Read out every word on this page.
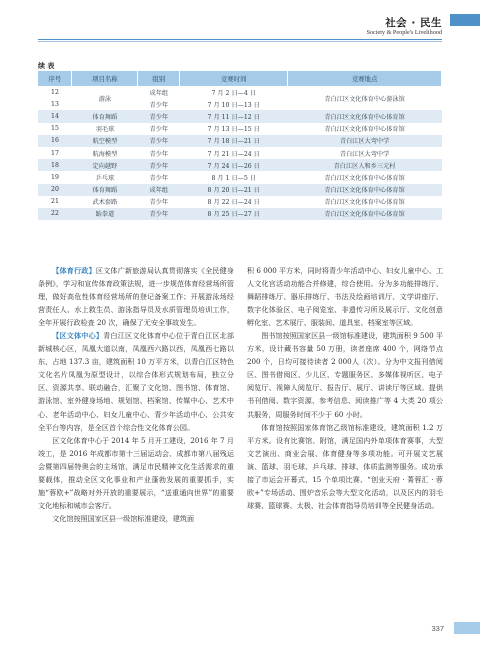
社会 · 民生
Society & People's Livelihood
续 表
序号	项目名称	组别	竞赛时间	竞赛地点
12	游泳	成年组	7 月 2 日—4 日	青白江区文化体育中心游泳馆
13		青少年	7 月 10 日—13 日	
14	体育舞蹈	青少年	7 月 11 日—12 日	青白江区文化体育中心体育馆
15	羽毛球	青少年	7 月 13 日—15 日	青白江区文化体育中心体育馆
16	航空模型	青少年	7 月 18 日—21 日	青白江区大弯中学
17	航海模型	青少年	7 月 21 日—24 日	青白江区大弯中学
18	定向越野	青少年	7 月 24 日—26 日	青白江区人和乡三元村
19	乒乓球	青少年	8 月 1 日—5 日	青白江区文化体育中心体育馆
20	体育舞蹈	成年组	8 月 20 日—21 日	青白江区文化体育中心体育馆
21	武术套路	青少年	8 月 22 日—24 日	青白江区文化体育中心体育馆
22	跆拳道	青少年	8 月 25 日—27 日	青白江区文化体育中心体育馆

【体育行政】区文体广新旅游局认真贯彻落实《全民健身条例》，学习和宣传体育政策法规，进一步规范体育经营场所管理，做好高危性体育经营场所的登记备案工作；开展游泳场经营责任人、水上救生员、游泳指导员及水质管理员培训工作，全年开展行政检查 20 次，确保了无安全事故发生。

【区文体中心】青白江区文化体育中心位于青白江区北部新城核心区，凤凰大道以南，凤凰西六路以西，凤凰西七路以东，占地 137.3 亩，建筑面积 10 万平方米，以青白江区特色文化名片凤凰为原型设计，以综合体形式规划布局，独立分区、资源共享、联动融合，汇聚了文化馆、图书馆、体育馆、游泳馆、室外健身场地、规划馆、档案馆、传媒中心、艺术中心、老年活动中心、妇女儿童中心、青少年活动中心、公共安全平台等内容，是全区首个综合性文化体育公园。

区文化体育中心于 2014 年 5 月开工建设，2016 年 7 月竣工，是 2016 年成都市第十三届运动会、成都市第八届残运会暨第四届特奥会的主场馆，满足市民精神文化生活需求的重要载体，推动全区文化事业和产业蓬勃发展的重要抓手，实施“蓉欧+”战略对外开放的重要展示，“送重通向世界”的重要文化地标和城市会客厅。

文化馆按照国家区县一级馆标准建设，建筑面

积 6 000 平方米，同时将青少年活动中心、妇女儿童中心、工人文化宫活动功能合并修建，综合使用。分为多功能排练厅、舞蹈排练厅、器乐排练厅、书法及绘画培训厅、文学讲座厅、数字化体验区、电子阅览室、非遗传习所及展示厅、文化创意孵化室、艺术展厅、服装间、道具室、档案室等区域。

图书馆按照国家区县一级馆标准建设，建筑面积 9 500 平方米，设计藏书容量 50 万册，读者座席 400 个，网络节点 200 个，日均可接待读者 2 000人（次）。分为中文报刊借阅区、图书借阅区、少儿区、专题服务区、多媒体视听区、电子阅览厅、视障人阅览厅、报告厅、展厅、讲读厅等区域。提供书刊借阅、数字资源、参考信息、阅读推广等 4 大类 20 项公共服务，周服务时间不少于 60 小时。

体育馆按照国家体育馆乙级馆标准建设，建筑面积 1.2 万平方米。设有比赛馆、附馆，满足国内外单项体育赛事，大型文艺演出、商业会展、体育健身等多项功能。可开展文艺展演、篮球、羽毛球、乒乓球、排球、体质监测等服务。成功承接了市运会开幕式、15 个单项比赛、“创业天府 · 菁蓉汇 · 蓉欧+”专场活动、围炉音乐会等大型文化活动，以及区内的羽毛球赛、篮球赛、太极、社会体育指导员培训等全民健身活动。

337
